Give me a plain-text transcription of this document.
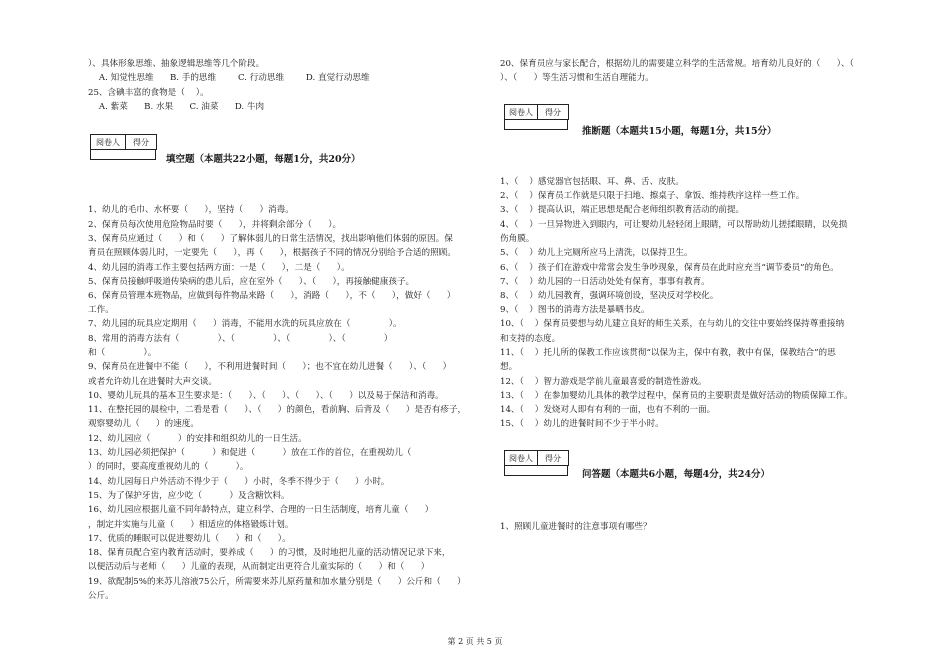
）、具体形象思维、抽象逻辑思维等几个阶段。
A. 知觉性思维      B. 手的思维        C. 行动思维        D. 直觉行动思维
25、含碘丰富的食物是（    ）。
A. 紫菜      B. 水果      C. 油菜      D. 牛肉
阅卷人	得分
填空题（本题共22小题，每题1分，共20分）
1、幼儿的毛巾、水杯要（      ），坚持（      ）消毒。
2、保育员每次使用危险物品时要（      ），并将剩余部分（      ）。
3、保育员应通过（      ）和（      ）了解体弱儿的日常生活情况，找出影响他们体弱的原因。保
育员在照顾体弱儿时，一定要先（      ），再（      ），根据孩子不同的情况分别给予合适的照顾。
4、幼儿园的消毒工作主要包括两方面：一是（      ），二是（      ）。
5、保育员接触呼吸道传染病的患儿后，应在室外（      ）、（      ），再接触健康孩子。
6、保育员管理本班物品，应做到每件物品来路（      ），消路（      ），不（      ），做好（      ）
工作。
7、幼儿园的玩具应定期用（      ）消毒，不能用水洗的玩具应放在（              ）。
8、常用的消毒方法有（              ）、（              ）、（              ）、（              ）
和（              ）。
9、保育员在进餐中不能（      ），不利用进餐时间（      ）；也不宜在幼儿进餐（      ）、（      ）
或者允许幼儿在进餐时大声交谈。
10、婴幼儿玩具的基本卫生要求是：（      ）、（      ）、（      ）、（      ）以及易于保洁和消毒。
11、在整托园的晨检中，二看是看（      ）、（      ）的颜色，看前胸、后背及（      ）是否有疹子，
观察婴幼儿（      ）的速度。
12、幼儿园应（          ）的安排和组织幼儿的一日生活。
13、幼儿园必须把保护（          ）和促进（          ）放在工作的首位，在重视幼儿（
）的同时，要高度重视幼儿的（          ）。
14、幼儿园每日户外活动不得少于（      ）小时，冬季不得少于（      ）小时。
15、为了保护牙齿，应少吃（          ）及含糖饮料。
16、幼儿园应根据儿童不同年龄特点，建立科学、合理的一日生活制度，培育儿童（      ）
，制定并实施与儿童（      ）相适应的体格锻炼计划。
17、优质的睡眠可以促进婴幼儿（      ）和（      ）。
18、保育员配合室内教育活动时，要养成（      ）的习惯，及时地把儿童的活动情况记录下来，
以便活动后与老师（      ）儿童的表现，从而制定出更符合儿童实际的（      ）和（      ）
19、欲配制5%的来苏儿溶液75公斤，所需要来苏儿原药量和加水量分别是（      ）公斤和（      ）
公斤。
20、保育员应与家长配合，根据幼儿的需要建立科学的生活常规。培育幼儿良好的（      ）、（
）、（      ）等生活习惯和生活自理能力。
阅卷人	得分
推断题（本题共15小题，每题1分，共15分）
1、（    ）感觉器官包括眼、耳、鼻、舌、皮肤。
2、（    ）保育员工作就是只限于扫地、擦桌子、拿饭、维持秩序这样一些工作。
3、（    ）提高认识，端正思想是配合老师组织教育活动的前提。
4、（    ）一旦异物进入到眼内，可让婴幼儿轻轻闭上眼睛，可以帮助幼儿搓揉眼睛，以免损
伤角膜。
5、（    ）幼儿上完厕所应马上清洗，以保持卫生。
6、（    ）孩子们在游戏中常常会发生争吵现象，保育员在此时应充当“调节委员”的角色。
7、（    ）幼儿园的一日活动处处有保育，事事有教育。
8、（    ）幼儿园教育，强调环境创设，坚决反对学校化。
9、（    ）图书的消毒方法是暴晒书皮。
10、（    ）保育员要想与幼儿建立良好的师生关系，在与幼儿的交往中要始终保持尊重接纳
和支持的态度。
11、（    ）托儿所的保教工作应该贯彻“以保为主，保中有教，教中有保，保教结合”的思
想。
12、（    ）智力游戏是学前儿童最喜爱的制造性游戏。
13、（    ）在参加婴幼儿具体的教学过程中，保育员的主要职责是做好活动的物质保障工作。
14、（    ）发烧对人即有有利的一面，也有不利的一面。
15、（    ）幼儿的进餐时间不少于半小时。
阅卷人	得分
问答题（本题共6小题，每题4分，共24分）
1、照顾儿童进餐时的注意事项有哪些？
第 2 页 共 5 页
